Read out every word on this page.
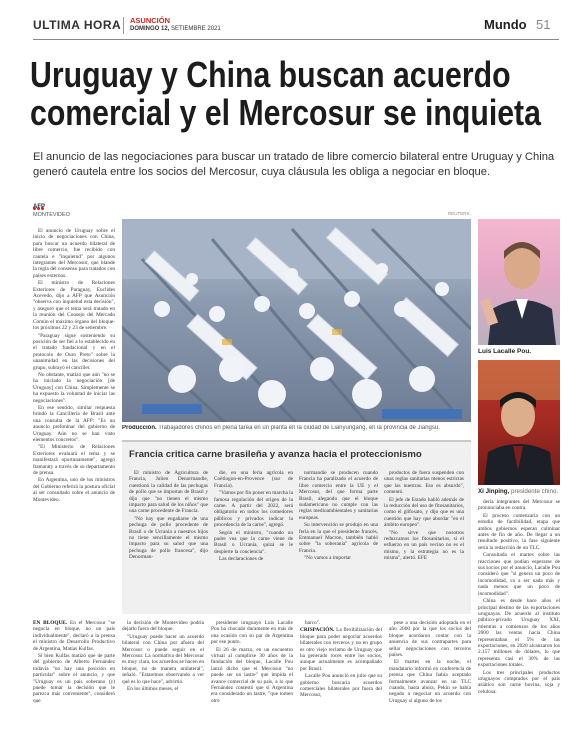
ULTIMA HORA ASUNCIÓN
DOMINGO 12, SETIEMBRE 2021	Mundo 51
Uruguay y China buscan acuerdo
comercial y el Mercosur se inquieta
El anuncio de las negociaciones para buscar un tratado de libre comercio bilateral entre Uruguay y China generó cautela entre los socios del Mercosur, cuya cláusula les obliga a negociar en bloque.
AFP
MONTEVIDEO

El anuncio de Uruguay sobre el inicio de negociaciones con China, para buscar un acuerdo bilateral de libre comercio, fue recibido con cautela e "inquietud" por algunos integrantes del Mercosur, que blande la regla del consenso para tratados con países externos.

El ministro de Relaciones Exteriores de Paraguay, Euclides Acevedo, dijo a AFP que Asunción "observa con inquietud esta decisión", y aseguró que el tema será tratado en la reunión del Consejo del Mercado Común el máximo órgano del bloque- los próximos 22 y 23 de setiembre.

"Paraguay sigue sosteniendo su posición de ser fiel a lo establecido en el tratado fundacional y en el protocolo de Ouro Preto" sobre la unanimidad en las decisiones del grupo, subrayó el canciller.

No obstante, matizó que aún "no se ha iniciado la negociación [de Uruguay] con China. Simplemente se ha expuesto la voluntad de iniciar las negociaciones".

En ese sentido, similar respuesta brindó la Cancillería de Brasil ante una consulta de la AFP: "Es un anuncio preliminar del gobierno de Uruguay. Aún no se han visto elementos concretos".

"El Ministerio de Relaciones Exteriores evaluará el tema y se manifestará oportunamente", agregó Itamaraty a través de su departamento de prensa.

En Argentina, uno de los ministros del Gobierno referirá la postura oficial al ser consultado sobre el anuncio de Montevideo.

REUTERS
Producción. Trabajadores chinos en plena tarea en un planta en la ciudad de Lianyungang, en la provincia de Jiangsu.
Luis Lacalle Pou.
Xi Jinping, presidente chino.

dería integrantes del Mercosur se pronunciaba en contra.

El proceso comenzaría con un estudio de factibilidad, etapa que ambos gobiernos esperan culminar antes de fin de año. De llegar a un resultado positivo, la fase siguiente sería la redacción de un TLC.

Consultada el martes sobre las reacciones que podían esperarse de sus socios por el anuncio, Lacalle Pou consideró que "si genera un poco de incomodidad, va a ser nada más y nada menos que un poco de incomodidad".

China es desde hace años el principal destino de las exportaciones uruguayas. De acuerdo al instituto público-privado Uruguay XXI, mientras a comienzos de los años 2000 las ventas hacia China representaban el 5% de las exportaciones, en 2020 alcanzaron los 2.157 millones de dólares, lo que representa casi el 30% de las exportaciones totales.

Los tres principales productos uruguayos comprados por el país asiático son carne bovina, soja y celulosa.

Francia critica carne brasileña y avanza hacia el proteccionismo

El ministro de Agricultura de Francia, Julien Denormandie, cuestionó la calidad de las pechugas de pollo que se importan de Brasil y dijo que "no tienen el mismo impacto para salud de los niños" que una carne procedente de Francia.

"No hay que engañarse de una pechuga de pollo procedente de Brasil o de Ucrania a nuestros hijos no tiene sencillamente el mismo impacto para su salud que una pechuga de pollo francesa", dijo Denorman-

die, en una feria agrícola en Coëtlogon-en-Provence (sur de Francia).

"Vamos por fin poner en marcha la famosa regulación del origen de la carne. A partir del 2022, será obligatorio en todos los comedores públicos y privados indicar la procedencia de la carne", agregó.

Según el ministro, "cuando un padre vea que la carne viene de Brasil o Ucrania, quizá se le despierte la conciencia".

Las declaraciones de

normandie se producen cuando Francia ha paralizado el acuerdo de libre comercio entre la UE y el Mercosur, del que forma parte Brasil, alegando que el bloque sudamericano no cumple con las reglas medioambientales y sanitarias europeas.

Su intervención se produjo en una feria en la que el presidente francés, Emmanuel Macron, también habló sobre "la soberanía" agrícola de Francia.

"No vamos a importar

productos de fuera suspenden con unas reglas sanitarias menos estrictas que las nuestras. Eso es absurdo", comentó.

El jefe de Estado habló además de la reducción del uso de fitosanitarios, como el glifosato, y dijo que es una cuestión que hay que abordar "en el ámbito europeo".

"No sirve que nosotros reduzcamos los fitosanitarios, si el esfuerzo en un país vecino no es el mismo, y la estrategia no es la misma", alertó. EFE

EN BLOQUE. En el Mercosur "se negocia en bloque, no un país individualmente", declaró a la prensa el ministro de Desarrollo Productivo de Argentina, Matías Kulfas.

Si bien Kulfas matizó que de parte del gobierno de Alberto Fernández todavía "no hay una posición en particular" sobre el anuncio, y que "Uruguay es un país soberano (y) puede tomar la decisión que le parezca más conveniente", consideró que

la decisión de Montevideo podría dejarlo fuera del bloque.

"Uruguay puede hacer un acuerdo bilateral con China por afuera del Mercosur o puede seguir en el Mercosur. La normativa del Mercosur es muy clara, los acuerdos se hacen en bloque, no de manera unilateral", señaló. "Estaremos observando a ver qué es lo que hace", advirtió.

En los últimos meses, el

presidente uruguayo Luis Lacalle Pou ha chocado duramente en más de una ocasión con su par de Argentina por ese punto.

El 26 de marzo, en un encuentro virtual al cumplirse 30 años de la fundación del bloque, Lacalle Pou lanzó dicho que el Mercosur "no puede ser un lastre" que impida el avance comercial de su país, a lo que Fernández contestó que si Argentina era considerado un lastre, "que tomen otro

barco".

CRISPACIÓN. La flexibilización del bloque para poder negociar acuerdos bilaterales con terceros y no en grupo es otro viejo reclamo de Uruguay que ha generado roces entre los socios, aunque actualmente es acompañado por Brasil.

Lacalle Pou anunció en julio que su gobierno buscaría acuerdos comerciales bilaterales por fuera del Mercosur,

pese a una decisión adoptada en el año 2000 por la que los socios del bloque acordaron contar con la anuencia de sus contrapartes para sellar negociaciones con terceros países.

El martes en la noche, el mandatario informó en conferencia de prensa que China había aceptado formalmente avanzar en un TLC cuando, hasta ahora, Pekín se había negado a negociar un acuerdo con Uruguay si alguno de los
